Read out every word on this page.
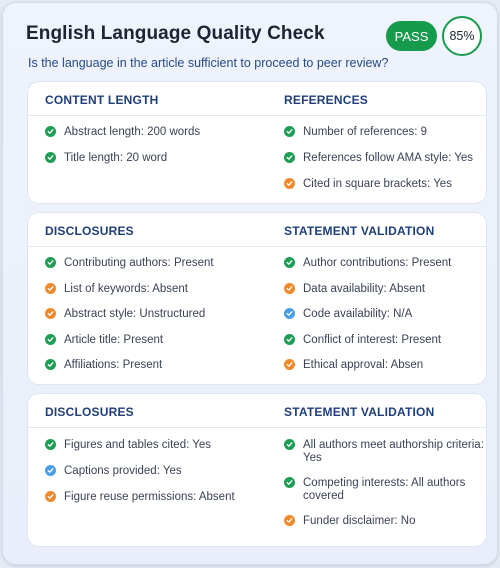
English Language Quality Check
Is the language in the article sufficient to proceed to peer review?
PASS	85%
CONTENT LENGTH	REFERENCES
Abstract length: 200 words
Title length: 20 word
Number of references: 9
References follow AMA style: Yes
Cited in square brackets: Yes
DISCLOSURES	STATEMENT VALIDATION
Contributing authors: Present
List of keywords: Absent
Abstract style: Unstructured
Article title: Present
Affiliations: Present
Author contributions: Present
Data availability: Absent
Code availability: N/A
Conflict of interest: Present
Ethical approval: Absen
DISCLOSURES	STATEMENT VALIDATION
Figures and tables cited: Yes
Captions provided: Yes
Figure reuse permissions: Absent
All authors meet authorship criteria: Yes
Competing interests: All authors covered
Funder disclaimer: No
